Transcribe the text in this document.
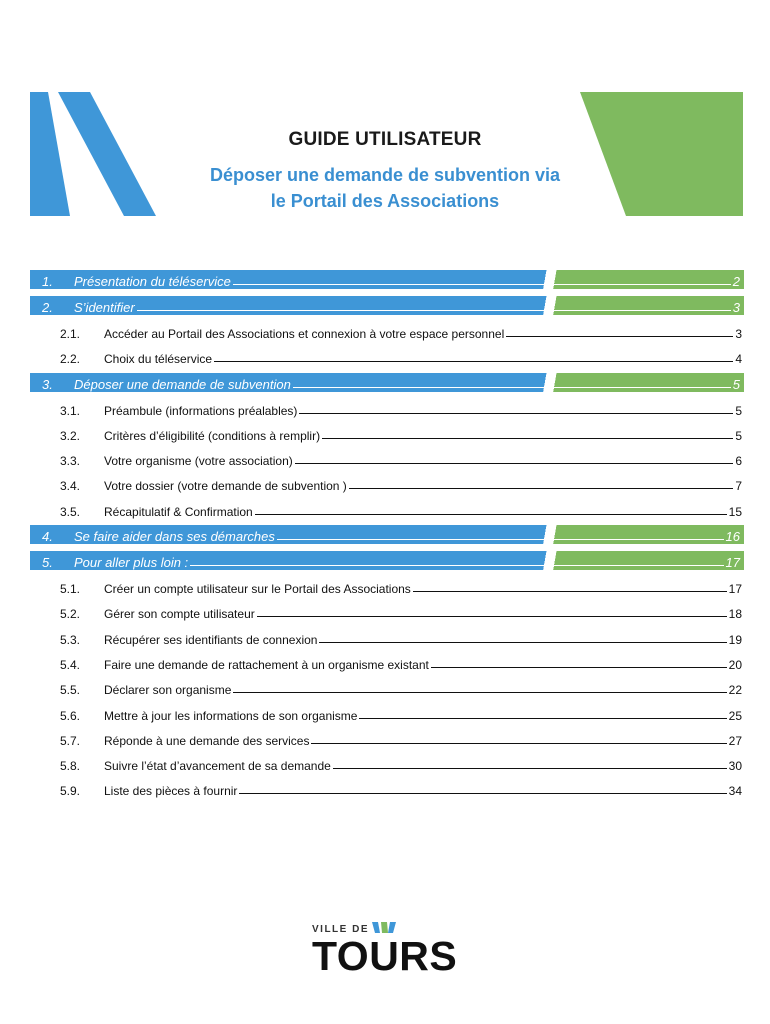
GUIDE UTILISATEUR
Déposer une demande de subvention via
le Portail des Associations
1.	Présentation du téléservice	2
2.	S’identifier	3
2.1.	Accéder au Portail des Associations et connexion à votre espace personnel	3
2.2.	Choix du téléservice	4
3.	Déposer une demande de subvention	5
3.1.	Préambule (informations préalables)	5
3.2.	Critères d’éligibilité (conditions à remplir)	5
3.3.	Votre organisme (votre association)	6
3.4.	Votre dossier (votre demande de subvention )	7
3.5.	Récapitulatif & Confirmation	15
4.	Se faire aider dans ses démarches	16
5.	Pour aller plus loin :	17
5.1.	Créer un compte utilisateur sur le Portail des Associations	17
5.2.	Gérer son compte utilisateur	18
5.3.	Récupérer ses identifiants de connexion	19
5.4.	Faire une demande de rattachement à un organisme existant	20
5.5.	Déclarer son organisme	22
5.6.	Mettre à jour les informations de son organisme	25
5.7.	Réponde à une demande des services	27
5.8.	Suivre l’état d’avancement de sa demande	30
5.9.	Liste des pièces à fournir	34
VILLE DE
TOURS
